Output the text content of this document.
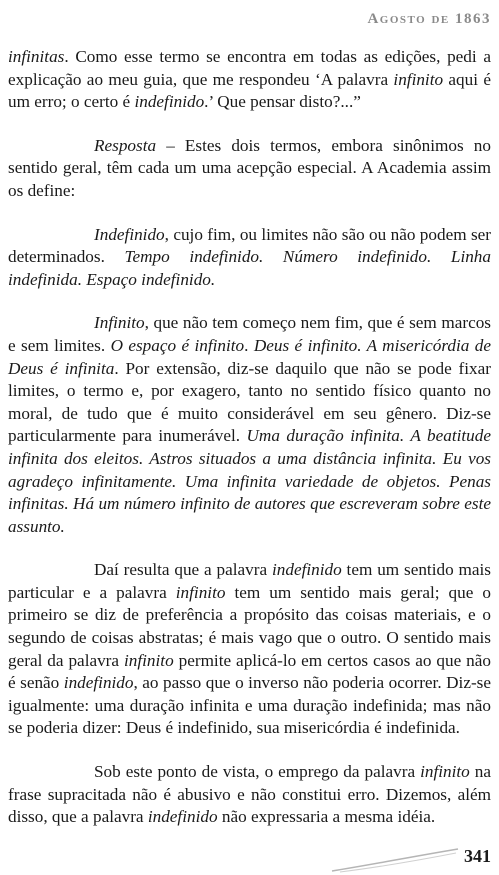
Agosto de 1863

infinitas. Como esse termo se encontra em todas as edições, pedi a explicação ao meu guia, que me respondeu ‘A palavra infinito aqui é um erro; o certo é indefinido.’ Que pensar disto?...”

Resposta – Estes dois termos, embora sinônimos no sentido geral, têm cada um uma acepção especial. A Academia assim os define:

Indefinido, cujo fim, ou limites não são ou não podem ser determinados. Tempo indefinido. Número indefinido. Linha indefinida. Espaço indefinido.

Infinito, que não tem começo nem fim, que é sem marcos e sem limites. O espaço é infinito. Deus é infinito. A misericórdia de Deus é infinita. Por extensão, diz-se daquilo que não se pode fixar limites, o termo e, por exagero, tanto no sentido físico quanto no moral, de tudo que é muito considerável em seu gênero. Diz-se particularmente para inumerável. Uma duração infinita. A beatitude infinita dos eleitos. Astros situados a uma distância infinita. Eu vos agradeço infinitamente. Uma infinita variedade de objetos. Penas infinitas. Há um número infinito de autores que escreveram sobre este assunto.

Daí resulta que a palavra indefinido tem um sentido mais particular e a palavra infinito tem um sentido mais geral; que o primeiro se diz de preferência a propósito das coisas materiais, e o segundo de coisas abstratas; é mais vago que o outro. O sentido mais geral da palavra infinito permite aplicá-lo em certos casos ao que não é senão indefinido, ao passo que o inverso não poderia ocorrer. Diz-se igualmente: uma duração infinita e uma duração indefinida; mas não se poderia dizer: Deus é indefinido, sua misericórdia é indefinida.

Sob este ponto de vista, o emprego da palavra infinito na frase supracitada não é abusivo e não constitui erro. Dizemos, além disso, que a palavra indefinido não expressaria a mesma idéia.

341
